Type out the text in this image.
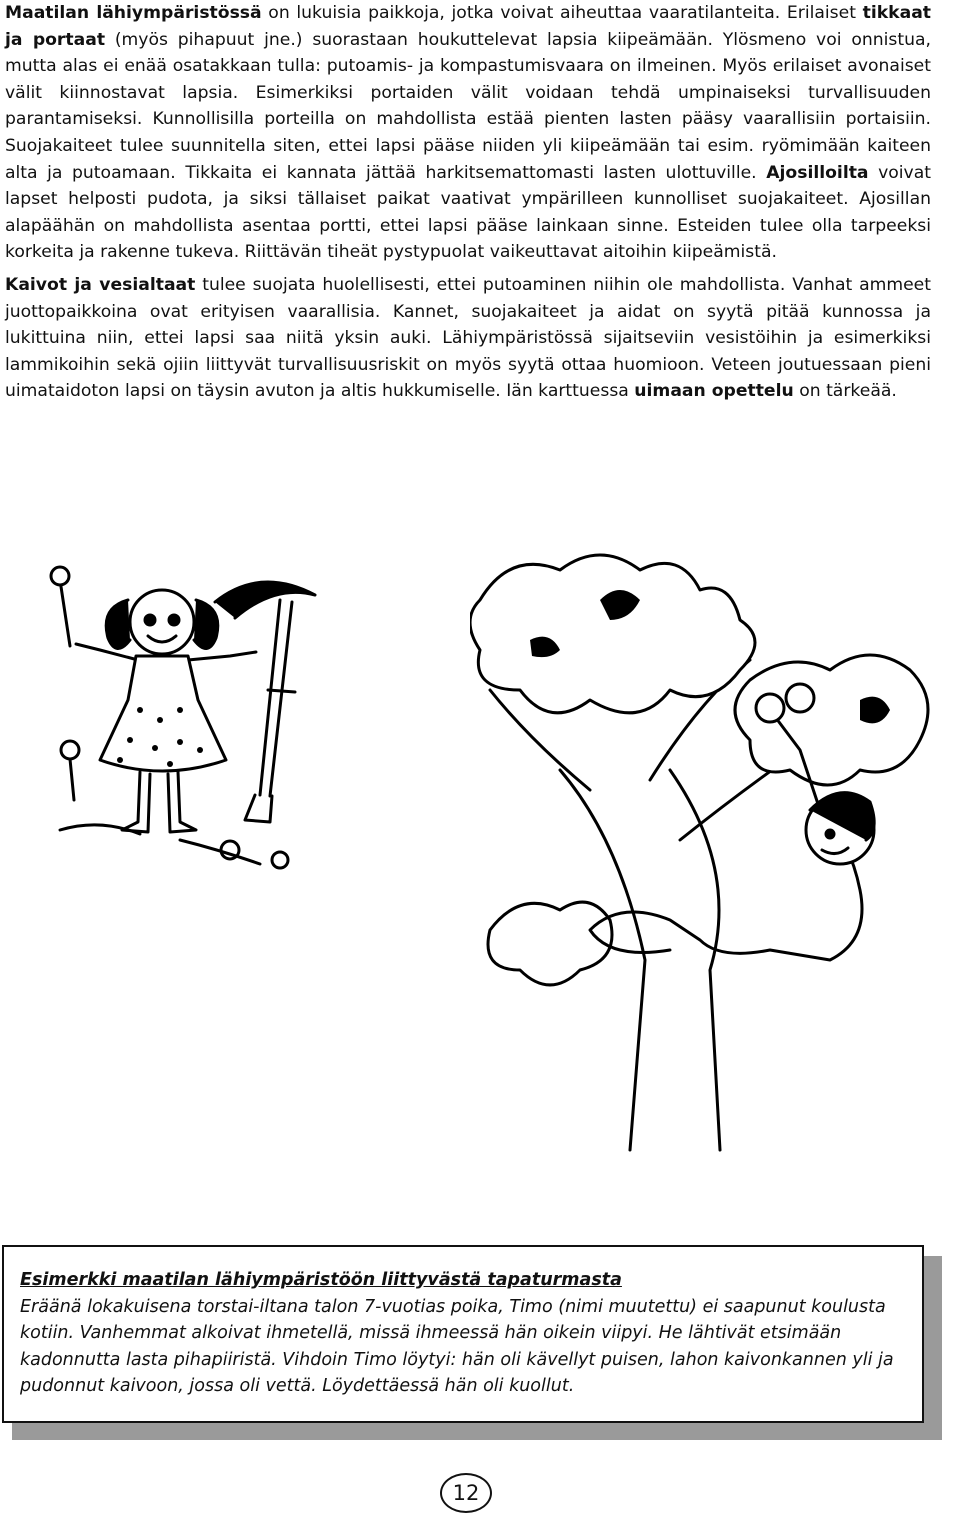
Maatilan lähiympäristössä on lukuisia paikkoja, jotka voivat aiheuttaa vaaratilanteita. Erilaiset tikkaat ja portaat (myös pihapuut jne.) suorastaan houkuttelevat lapsia kiipeämään. Ylösmeno voi onnistua, mutta alas ei enää osatakkaan tulla: putoamis- ja kompastumisvaara on ilmeinen. Myös erilaiset avonaiset välit kiinnostavat lapsia. Esimerkiksi portaiden välit voidaan tehdä umpinaiseksi turvallisuuden parantamiseksi. Kunnollisilla porteilla on mahdollista estää pienten lasten pääsy vaarallisiin portaisiin. Suojakaiteet tulee suunnitella siten, ettei lapsi pääse niiden yli kiipeämään tai esim. ryömimään kaiteen alta ja putoamaan. Tikkaita ei kannata jättää harkitsemattomasti lasten ulottuville. Ajosilloilta voivat lapset helposti pudota, ja siksi tällaiset paikat vaativat ympärilleen kunnolliset suojakaiteet. Ajosillan alapäähän on mahdollista asentaa portti, ettei lapsi pääse lainkaan sinne. Esteiden tulee olla tarpeeksi korkeita ja rakenne tukeva. Riittävän tiheät pystypuolat vaikeuttavat aitoihin kiipeämistä.

Kaivot ja vesialtaat tulee suojata huolellisesti, ettei putoaminen niihin ole mahdollista. Vanhat ammeet juottopaikkoina ovat erityisen vaarallisia. Kannet, suojakaiteet ja aidat on syytä pitää kunnossa ja lukittuina niin, ettei lapsi saa niitä yksin auki. Lähiympäristössä sijaitseviin vesistöihin ja esimerkiksi lammikoihin sekä ojiin liittyvät turvallisuusriskit on myös syytä ottaa huomioon. Veteen joutuessaan pieni uimataidoton lapsi on täysin avuton ja altis hukkumiselle. Iän karttuessa uimaan opettelu on tärkeää.

Esimerkki maatilan lähiympäristöön liittyvästä tapaturmasta
Eräänä lokakuisena torstai-iltana talon 7-vuotias poika, Timo (nimi muutettu) ei saapunut koulusta kotiin. Vanhemmat alkoivat ihmetellä, missä ihmeessä hän oikein viipyi. He lähtivät etsimään kadonnutta lasta pihapiiristä. Vihdoin Timo löytyi: hän oli kävellyt puisen, lahon kaivonkannen yli ja pudonnut kaivoon, jossa oli vettä. Löydettäessä hän oli kuollut.
12
